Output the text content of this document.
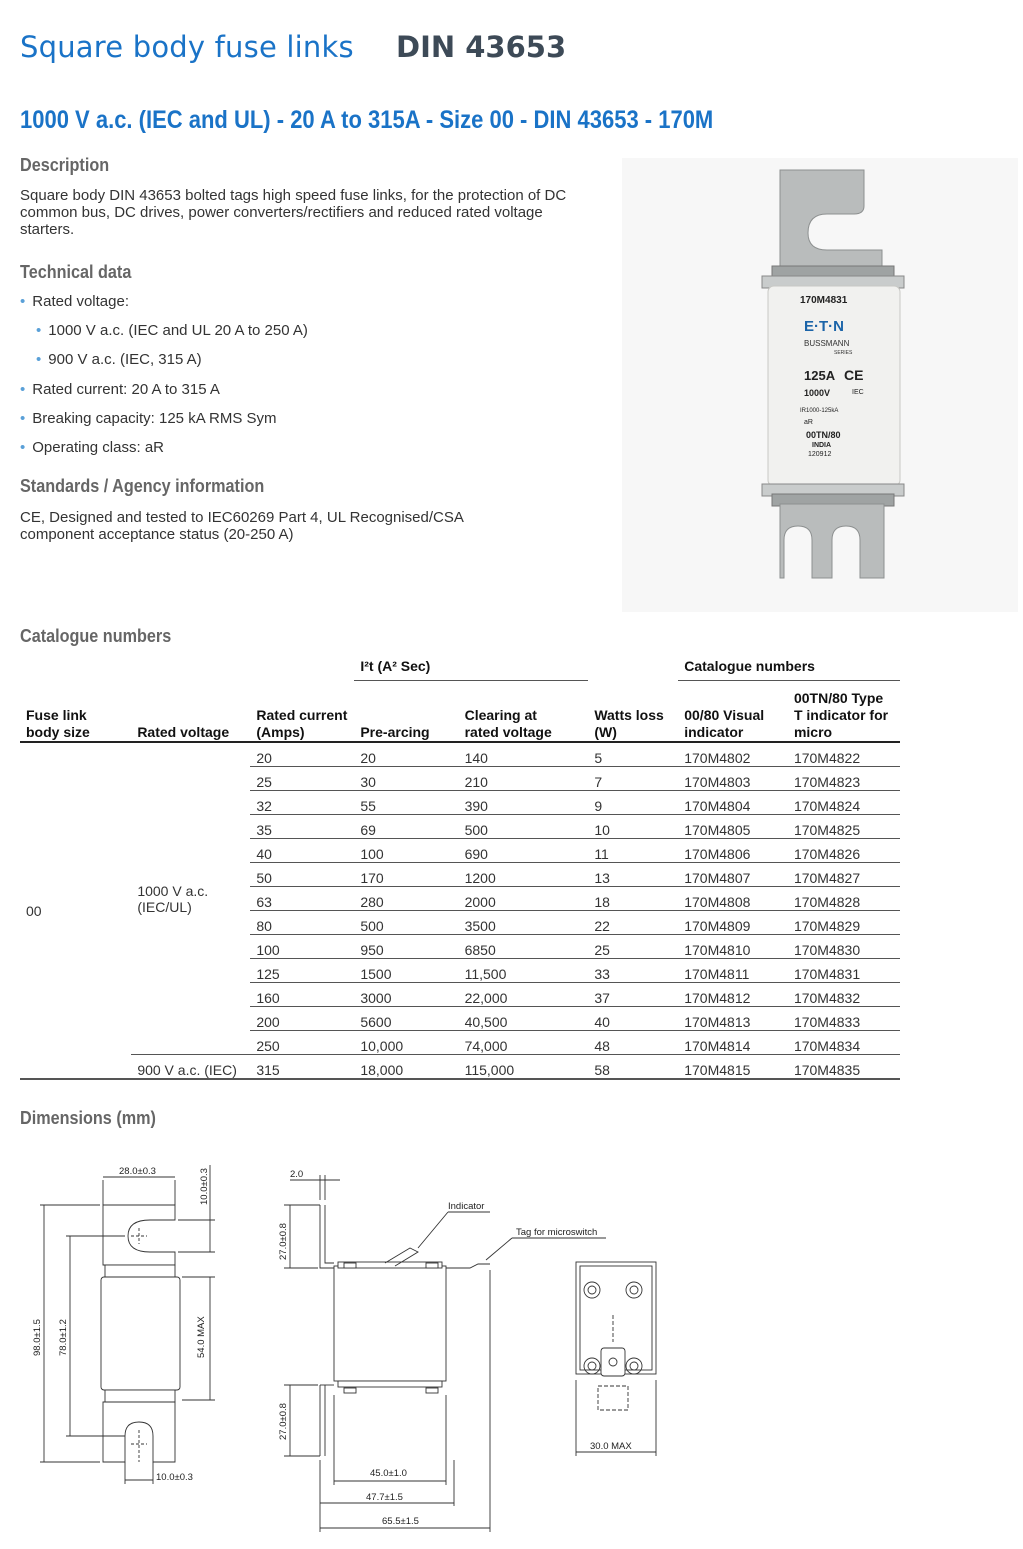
Square body fuse links DIN 43653
1000 V a.c. (IEC and UL) - 20 A to 315A - Size 00 - DIN 43653 - 170M
Description
Square body DIN 43653 bolted tags high speed fuse links, for the protection of DC common bus, DC drives, power converters/rectifiers and reduced rated voltage starters.
Technical data
• Rated voltage:
• 1000 V a.c. (IEC and UL 20 A to 250 A)
• 900 V a.c. (IEC, 315 A)
• Rated current: 20 A to 315 A
• Breaking capacity: 125 kA RMS Sym
• Operating class: aR
Standards / Agency information
CE, Designed and tested to IEC60269 Part 4, UL Recognised/CSA component acceptance status (20-250 A)
170M4831
E·T·N
BUSSMANN
SERIES
125A CE
1000V	IEC
IR1000-125kA
aR
00TN/80
INDIA
120912
Catalogue numbers
			I²t (A² Sec)			Catalogue numbers	

Fuse link body size	Rated voltage	Rated current (Amps)	Pre-arcing	Clearing at rated voltage	Watts loss (W)	00/80 Visual indicator	00TN/80 Type T indicator for micro

00	1000 V a.c. (IEC/UL)	20	20	140	5	170M4802	170M4822
		25	30	210	7	170M4803	170M4823
		32	55	390	9	170M4804	170M4824
		35	69	500	10	170M4805	170M4825
		40	100	690	11	170M4806	170M4826
		50	170	1200	13	170M4807	170M4827
		63	280	2000	18	170M4808	170M4828
		80	500	3500	22	170M4809	170M4829
		100	950	6850	25	170M4810	170M4830
		125	1500	11,500	33	170M4811	170M4831
		160	3000	22,000	37	170M4812	170M4832
		200	5600	40,500	40	170M4813	170M4833
		250	10,000	74,000	48	170M4814	170M4834
	900 V a.c. (IEC)	315	18,000	115,000	58	170M4815	170M4835
Dimensions (mm)
28.0±0.3	10.0±0.3
98.0±1.5 78.0±1.2	54.0 MAX
10.0±0.3
2.0
Indicator
Tag for microswitch
27.0±0.8
27.0±0.8
45.0±1.0
47.7±1.5
65.5±1.5
30.0 MAX
